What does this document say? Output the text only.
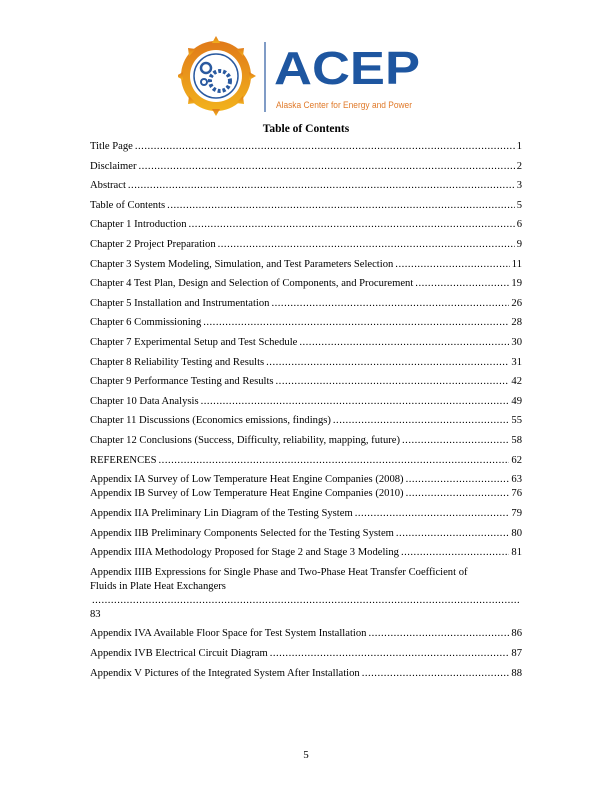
ACEP
Alaska Center for Energy and Power
Table of Contents
Title Page .....	1
Disclaimer .....	2
Abstract .....	3
Table of Contents .....	5
Chapter 1 Introduction .....	6
Chapter 2 Project Preparation .....	9
Chapter 3 System Modeling, Simulation, and Test Parameters Selection .....	11
Chapter 4 Test Plan, Design and Selection of Components, and Procurement .....	19
Chapter 5 Installation and Instrumentation .....	26
Chapter 6 Commissioning .....	28
Chapter 7 Experimental Setup and Test Schedule .....	30
Chapter 8 Reliability Testing and Results .....	31
Chapter 9 Performance Testing and Results .....	42
Chapter 10 Data Analysis .....	49
Chapter 11 Discussions (Economics emissions, findings) .....	55
Chapter 12 Conclusions (Success, Difficulty, reliability, mapping, future) .....	58
REFERENCES .....	62
Appendix IA Survey of Low Temperature Heat Engine Companies (2008) .....	63
Appendix IB Survey of Low Temperature Heat Engine Companies (2010) .....	76
Appendix IIA Preliminary Lin Diagram of the Testing System .....	79
Appendix IIB Preliminary Components Selected for the Testing System .....	80
Appendix IIIA Methodology Proposed for Stage 2 and Stage 3 Modeling .....	81
Appendix IIIB Expressions for Single Phase and Two-Phase Heat Transfer Coefficient of
Fluids in Plate Heat Exchangers
.....
83
Appendix IVA Available Floor Space for Test System Installation .....	86
Appendix IVB Electrical Circuit Diagram .....	87
Appendix V Pictures of the Integrated System After Installation .....	88
5
